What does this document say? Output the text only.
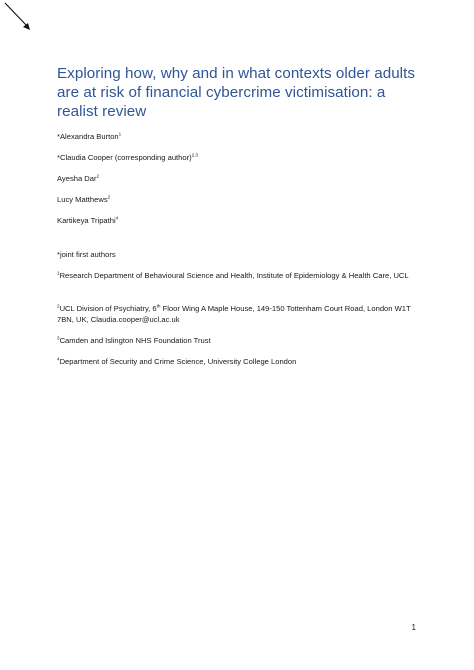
Exploring how, why and in what contexts older adults are at risk of financial cybercrime victimisation: a realist review
*Alexandra Burton$^1$
*Claudia Cooper (corresponding author)$^{2,3}$
Ayesha Dar$^2$
Lucy Matthews$^2$
Kartikeya Tripathi$^4$
*joint first authors
$^1$Research Department of Behavioural Science and Health, Institute of Epidemiology & Health Care, UCL
$^2$UCL Division of Psychiatry, 6th Floor Wing A Maple House, 149-150 Tottenham Court Road, London W1T 7BN, UK, Claudia.cooper@ucl.ac.uk
$^3$Camden and Islington NHS Foundation Trust
$^4$Department of Security and Crime Science, University College London
1
